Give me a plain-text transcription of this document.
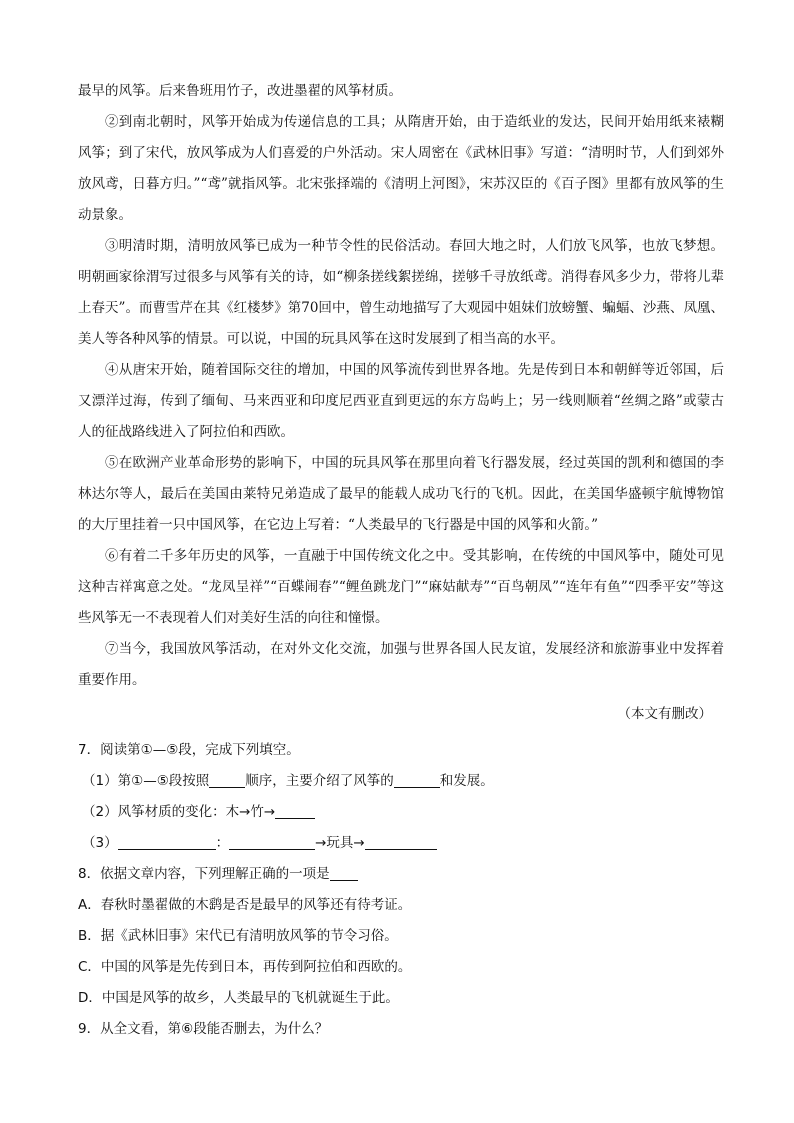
最早的风筝。后来鲁班用竹子，改进墨翟的风筝材质。

②到南北朝时，风筝开始成为传递信息的工具；从隋唐开始，由于造纸业的发达，民间开始用纸来裱糊风筝；到了宋代，放风筝成为人们喜爱的户外活动。宋人周密在《武林旧事》写道：“清明时节，人们到郊外放风鸢，日暮方归。”“鸢”就指风筝。北宋张择端的《清明上河图》，宋苏汉臣的《百子图》里都有放风筝的生动景象。

③明清时期，清明放风筝已成为一种节令性的民俗活动。春回大地之时，人们放飞风筝，也放飞梦想。明朝画家徐渭写过很多与风筝有关的诗，如“柳条搓线絮搓绵，搓够千寻放纸鸢。消得春风多少力，带将儿辈上春天”。而曹雪芹在其《红楼梦》第70回中，曾生动地描写了大观园中姐妹们放螃蟹、蝙蝠、沙燕、凤凰、美人等各种风筝的情景。可以说，中国的玩具风筝在这时发展到了相当高的水平。

④从唐宋开始，随着国际交往的增加，中国的风筝流传到世界各地。先是传到日本和朝鲜等近邻国，后又漂洋过海，传到了缅甸、马来西亚和印度尼西亚直到更远的东方岛屿上；另一线则顺着“丝绸之路”或蒙古人的征战路线进入了阿拉伯和西欧。

⑤在欧洲产业革命形势的影响下，中国的玩具风筝在那里向着飞行器发展，经过英国的凯利和德国的李林达尔等人，最后在美国由莱特兄弟造成了最早的能载人成功飞行的飞机。因此，在美国华盛顿宇航博物馆的大厅里挂着一只中国风筝，在它边上写着：“人类最早的飞行器是中国的风筝和火箭。”

⑥有着二千多年历史的风筝，一直融于中国传统文化之中。受其影响，在传统的中国风筝中，随处可见这种吉祥寓意之处。“龙凤呈祥”“百蝶闹春”“鲤鱼跳龙门”“麻姑献寿”“百鸟朝凤”“连年有鱼”“四季平安”等这些风筝无一不表现着人们对美好生活的向往和憧憬。

⑦当今，我国放风筝活动，在对外文化交流，加强与世界各国人民友谊，发展经济和旅游事业中发挥着重要作用。

（本文有删改）

7．阅读第①—⑤段，完成下列填空。

（1）第①—⑤段按照	顺序，主要介绍了风筝的	和发展。

（2）风筝材质的变化：木→竹→

（3）	：	→玩具→

8．依据文章内容，下列理解正确的一项是

A．春秋时墨翟做的木鹞是否是最早的风筝还有待考证。

B．据《武林旧事》宋代已有清明放风筝的节令习俗。

C．中国的风筝是先传到日本，再传到阿拉伯和西欧的。

D．中国是风筝的故乡，人类最早的飞机就诞生于此。

9．从全文看，第⑥段能否删去，为什么？
